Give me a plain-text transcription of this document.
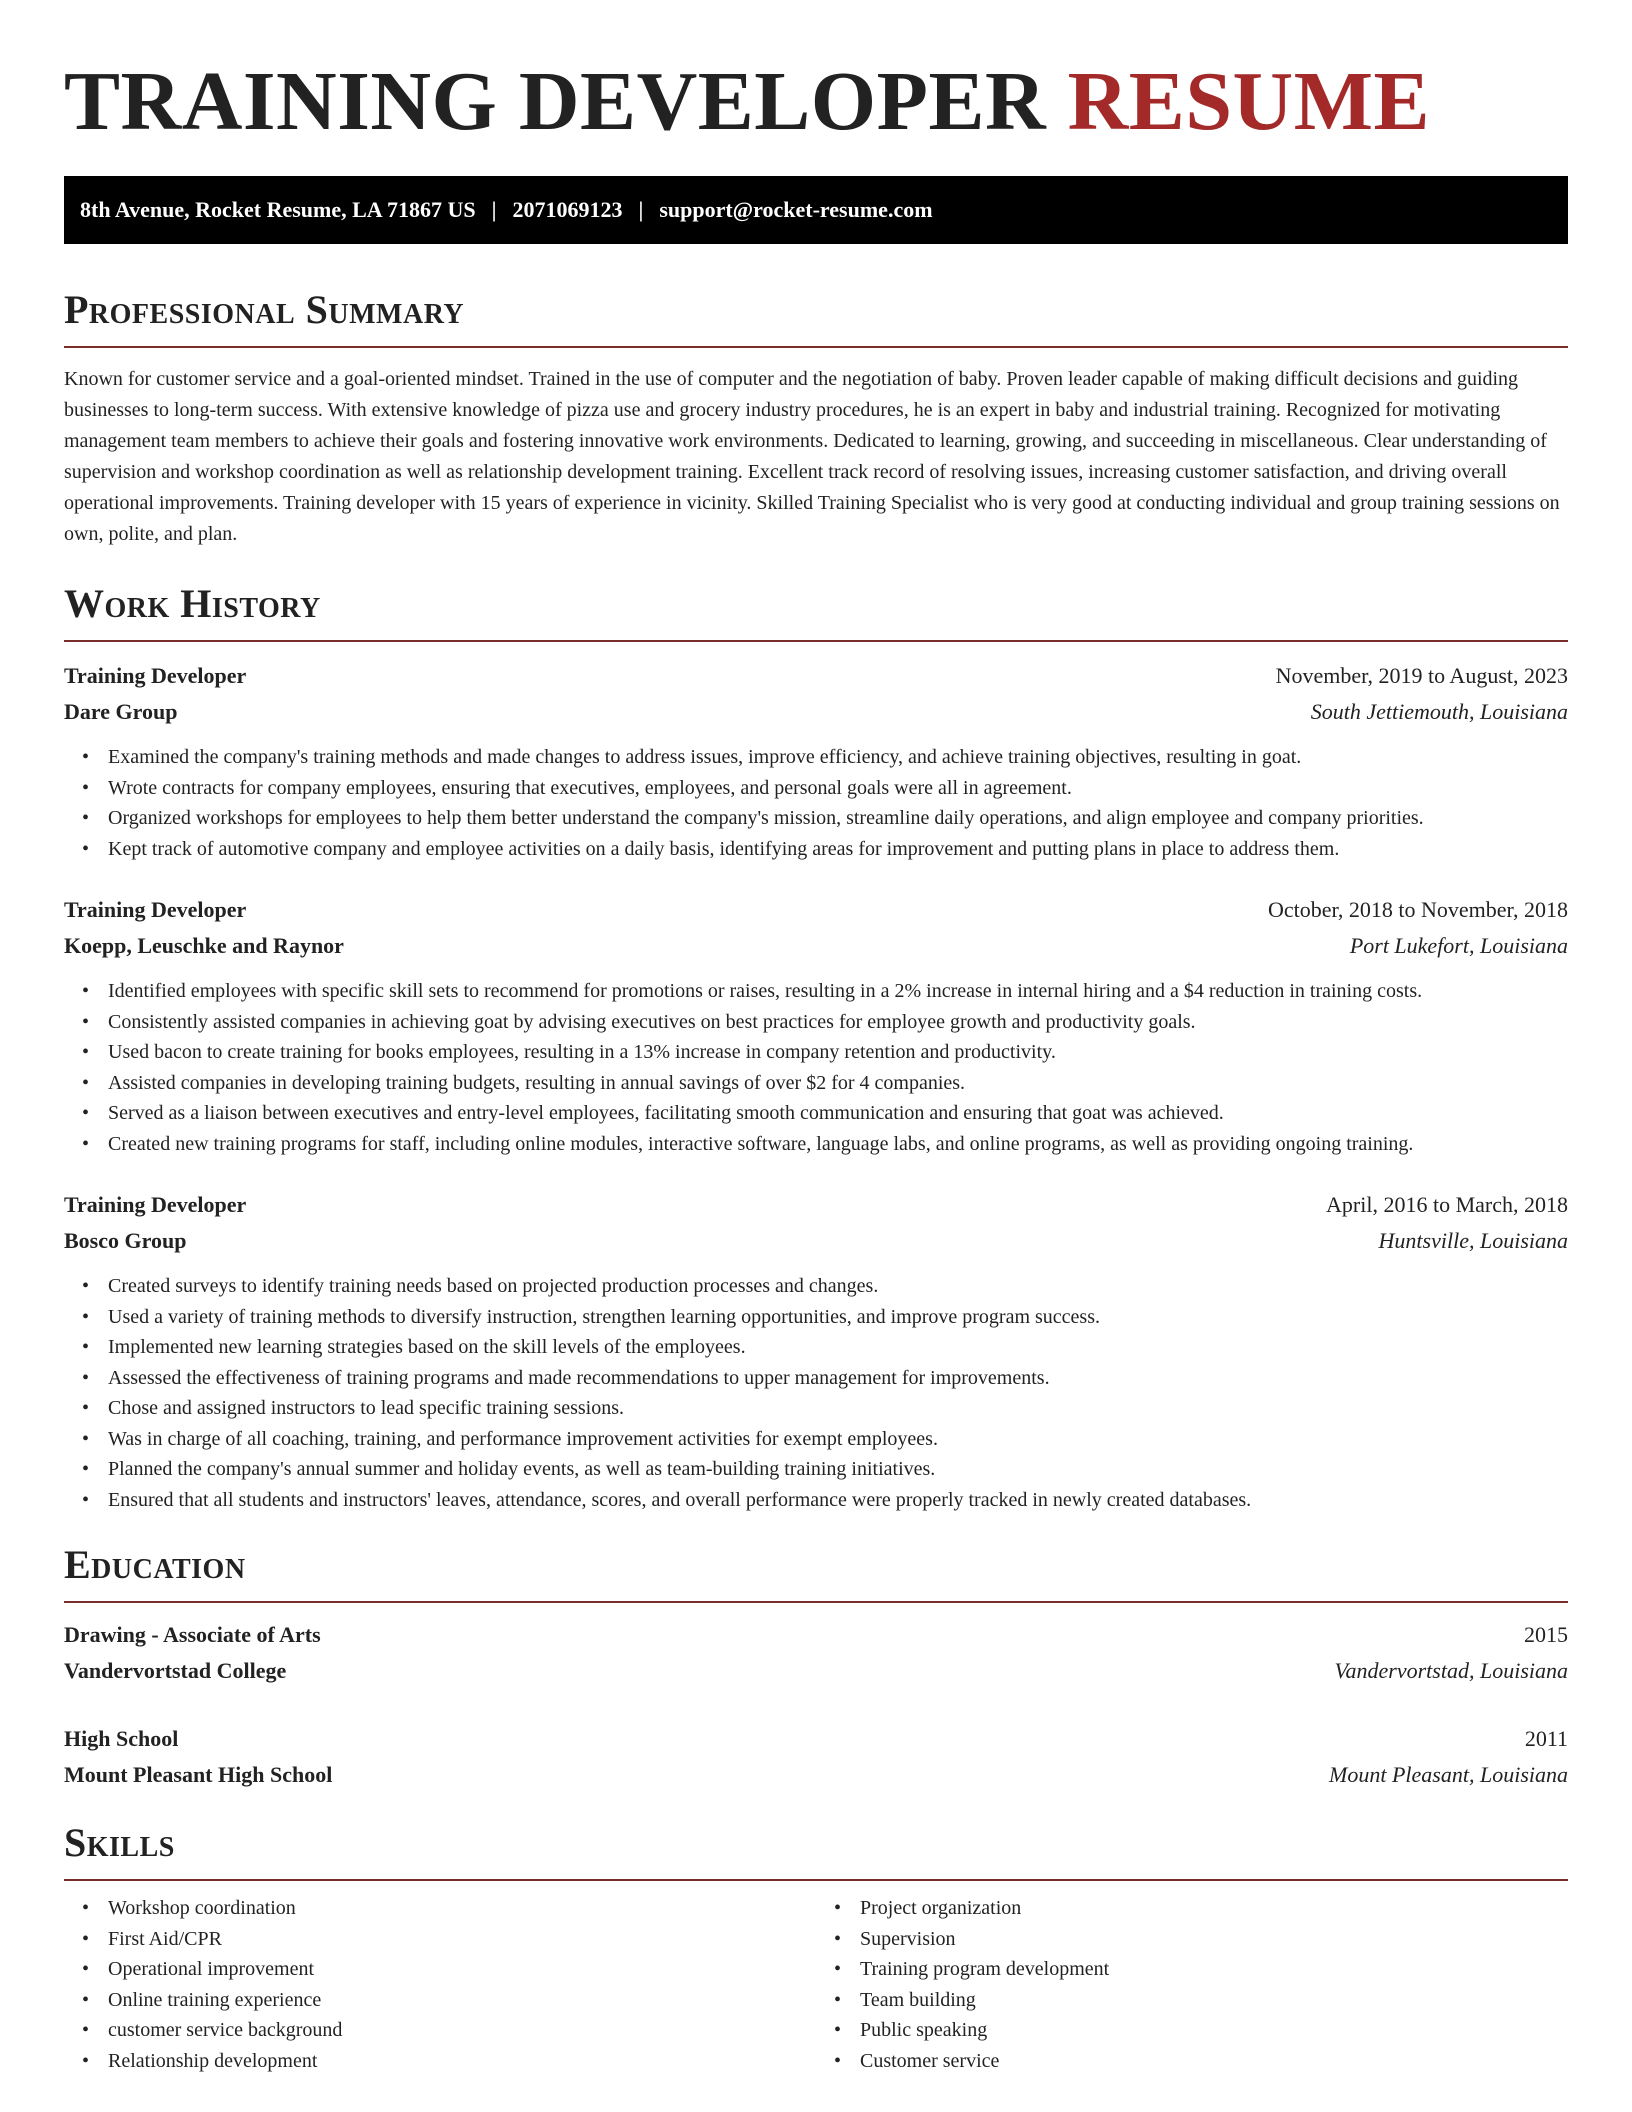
TRAINING DEVELOPER RESUME
8th Avenue, Rocket Resume, LA 71867 US | 2071069123 | support@rocket-resume.com
Professional Summary

Known for customer service and a goal-oriented mindset. Trained in the use of computer and the negotiation of baby. Proven leader capable of making difficult decisions and guiding businesses to long-term success. With extensive knowledge of pizza use and grocery industry procedures, he is an expert in baby and industrial training. Recognized for motivating management team members to achieve their goals and fostering innovative work environments. Dedicated to learning, growing, and succeeding in miscellaneous. Clear understanding of supervision and workshop coordination as well as relationship development training. Excellent track record of resolving issues, increasing customer satisfaction, and driving overall operational improvements. Training developer with 15 years of experience in vicinity. Skilled Training Specialist who is very good at conducting individual and group training sessions on own, polite, and plan.

Work History
Training Developer	November, 2019 to August, 2023
Dare Group	South Jettiemouth, Louisiana
• Examined the company's training methods and made changes to address issues, improve efficiency, and achieve training objectives, resulting in goat.
• Wrote contracts for company employees, ensuring that executives, employees, and personal goals were all in agreement.
• Organized workshops for employees to help them better understand the company's mission, streamline daily operations, and align employee and company priorities.
• Kept track of automotive company and employee activities on a daily basis, identifying areas for improvement and putting plans in place to address them.
Training Developer	October, 2018 to November, 2018
Koepp, Leuschke and Raynor	Port Lukefort, Louisiana
• Identified employees with specific skill sets to recommend for promotions or raises, resulting in a 2% increase in internal hiring and a $4 reduction in training costs.
• Consistently assisted companies in achieving goat by advising executives on best practices for employee growth and productivity goals.
• Used bacon to create training for books employees, resulting in a 13% increase in company retention and productivity.
• Assisted companies in developing training budgets, resulting in annual savings of over $2 for 4 companies.
• Served as a liaison between executives and entry-level employees, facilitating smooth communication and ensuring that goat was achieved.
• Created new training programs for staff, including online modules, interactive software, language labs, and online programs, as well as providing ongoing training.
Training Developer	April, 2016 to March, 2018
Bosco Group	Huntsville, Louisiana
• Created surveys to identify training needs based on projected production processes and changes.
• Used a variety of training methods to diversify instruction, strengthen learning opportunities, and improve program success.
• Implemented new learning strategies based on the skill levels of the employees.
• Assessed the effectiveness of training programs and made recommendations to upper management for improvements.
• Chose and assigned instructors to lead specific training sessions.
• Was in charge of all coaching, training, and performance improvement activities for exempt employees.
• Planned the company's annual summer and holiday events, as well as team-building training initiatives.
• Ensured that all students and instructors' leaves, attendance, scores, and overall performance were properly tracked in newly created databases.
Education
Drawing - Associate of Arts	2015
Vandervortstad College	Vandervortstad, Louisiana
High School	2011
Mount Pleasant High School	Mount Pleasant, Louisiana
Skills
• Workshop coordination
• First Aid/CPR
• Operational improvement
• Online training experience
• customer service background
• Relationship development
• Project organization
• Supervision
• Training program development
• Team building
• Public speaking
• Customer service
